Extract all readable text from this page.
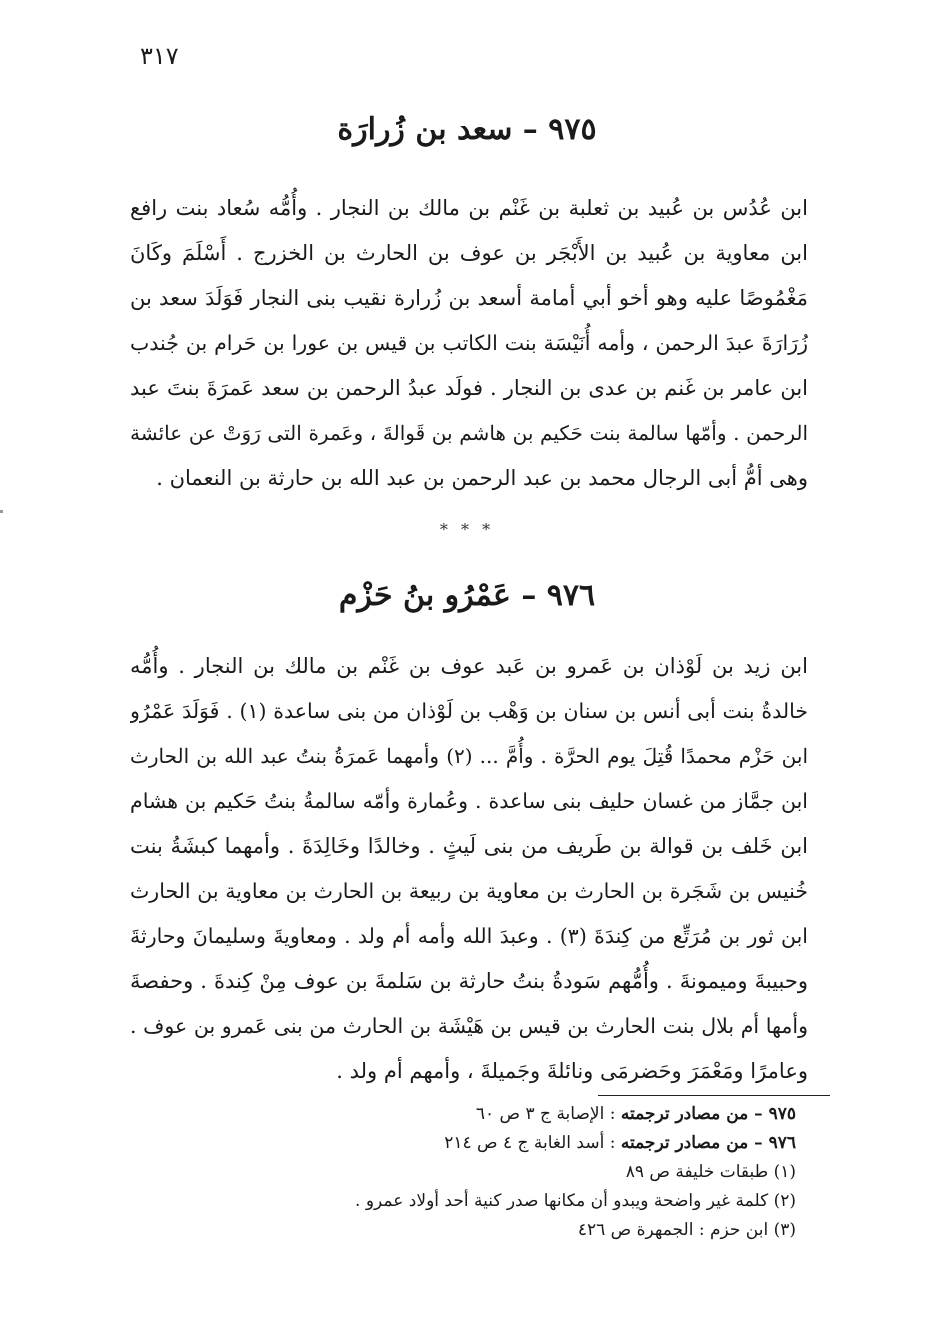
٣١٧
٩٧٥ – سعد بن زُرارَة
ابن عُدُس بن عُبيد بن ثعلبة بن غَنْم بن مالك بن النجار . وأُمُّه سُعاد بنت رافع
ابن معاوية بن عُبيد بن الأَبْجَر بن عوف بن الحارث بن الخزرج . أَسْلَمَ وكَانَ
مَغْمُوصًا عليه وهو أخو أبي أمامة أسعد بن زُرارة نقيب بنى النجار فَوَلَدَ سعد بن
زُرَارَةَ عبدَ الرحمن ، وأمه أُنَيْسَة بنت الكاتب بن قيس بن عورا بن حَرام بن جُندب
ابن عامر بن غَنم بن عدى بن النجار . فولَد عبدُ الرحمن بن سعد عَمرَةَ بنتَ عبد
الرحمن . وأمّها سالمة بنت حَكيم بن هاشم بن قَوالةَ ، وعَمرة التى رَوَتْ عن عائشة
وهى أمُّ أبى الرجال محمد بن عبد الرحمن بن عبد الله بن حارثة بن النعمان .
* * *
٩٧٦ – عَمْرُو بنُ حَزْم
ابن زيد بن لَوْذان بن عَمرو بن عَبد عوف بن غَنْم بن مالك بن النجار . وأُمُّه
خالدةُ بنت أبى أنس بن سنان بن وَهْب بن لَوْذان من بنى ساعدة (١) . فَوَلَدَ عَمْرُو
ابن حَزْم محمدًا قُتِلَ يوم الحرَّة . وأُمَّ ... (٢) وأمهما عَمرَةُ بنتُ عبد الله بن الحارث
ابن جمَّاز من غسان حليف بنى ساعدة . وعُمارة وأمّه سالمةُ بنتُ حَكيم بن هشام
ابن خَلف بن قوالة بن طَريف من بنى لَيثٍ . وخالدًا وخَالِدَةَ . وأمهما كبشَةُ بنت
خُنيس بن شَجَرة بن الحارث بن معاوية بن ربيعة بن الحارث بن معاوية بن الحارث
ابن ثور بن مُرَتِّع من كِندَةَ (٣) . وعبدَ الله وأمه أم ولد . ومعاويةَ وسليمانَ وحارثةَ
وحبيبةَ وميمونةَ . وأُمُّهم سَودةُ بنتُ حارثة بن سَلمةَ بن عوف مِنْ كِندةَ . وحفصةَ
وأمها أم بلال بنت الحارث بن قيس بن هَيْشَة بن الحارث من بنى عَمرو بن عوف .
وعامرًا ومَعْمَرَ وحَضرمَى ونائلةَ وجَميلةَ ، وأمهم أم ولد .
٩٧٥ – من مصادر ترجمته : الإصابة ج ٣ ص ٦٠
٩٧٦ – من مصادر ترجمته : أسد الغابة ج ٤ ص ٢١٤
(١) طبقات خليفة ص ٨٩
(٢) كلمة غير واضحة ويبدو أن مكانها صدر كنية أحد أولاد عمرو .
(٣) ابن حزم : الجمهرة ص ٤٢٦
